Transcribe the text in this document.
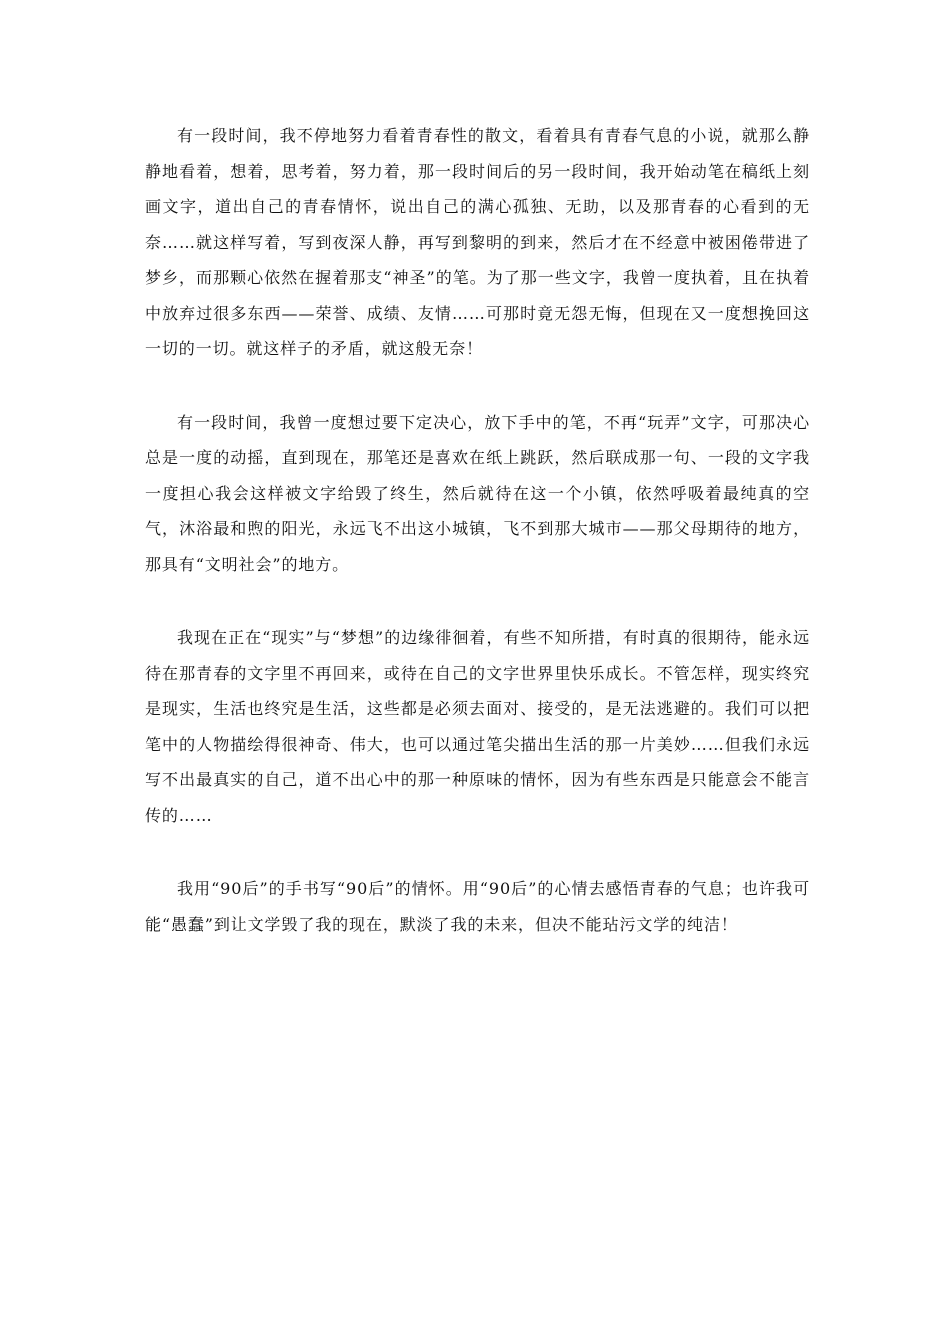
有一段时间，我不停地努力看着青春性的散文，看着具有青春气息的小说，就那么静静地看着，想着，思考着，努力着，那一段时间后的另一段时间，我开始动笔在稿纸上刻画文字，道出自己的青春情怀，说出自己的满心孤独、无助，以及那青春的心看到的无奈……就这样写着，写到夜深人静，再写到黎明的到来，然后才在不经意中被困倦带进了梦乡，而那颗心依然在握着那支“神圣”的笔。为了那一些文字，我曾一度执着，且在执着中放弃过很多东西——荣誉、成绩、友情……可那时竟无怨无悔，但现在又一度想挽回这一切的一切。就这样子的矛盾，就这般无奈！

有一段时间，我曾一度想过要下定决心，放下手中的笔，不再“玩弄”文字，可那决心总是一度的动摇，直到现在，那笔还是喜欢在纸上跳跃，然后联成那一句、一段的文字我一度担心我会这样被文字给毁了终生，然后就待在这一个小镇，依然呼吸着最纯真的空气，沐浴最和煦的阳光，永远飞不出这小城镇，飞不到那大城市——那父母期待的地方，那具有“文明社会”的地方。

我现在正在“现实”与“梦想”的边缘徘徊着，有些不知所措，有时真的很期待，能永远待在那青春的文字里不再回来，或待在自己的文字世界里快乐成长。不管怎样，现实终究是现实，生活也终究是生活，这些都是必须去面对、接受的，是无法逃避的。我们可以把笔中的人物描绘得很神奇、伟大，也可以通过笔尖描出生活的那一片美妙……但我们永远写不出最真实的自己，道不出心中的那一种原味的情怀，因为有些东西是只能意会不能言传的……

我用“90后”的手书写“90后”的情怀。用“90后”的心情去感悟青春的气息；也许我可能“愚蠢”到让文学毁了我的现在，默淡了我的未来，但决不能玷污文学的纯洁！
